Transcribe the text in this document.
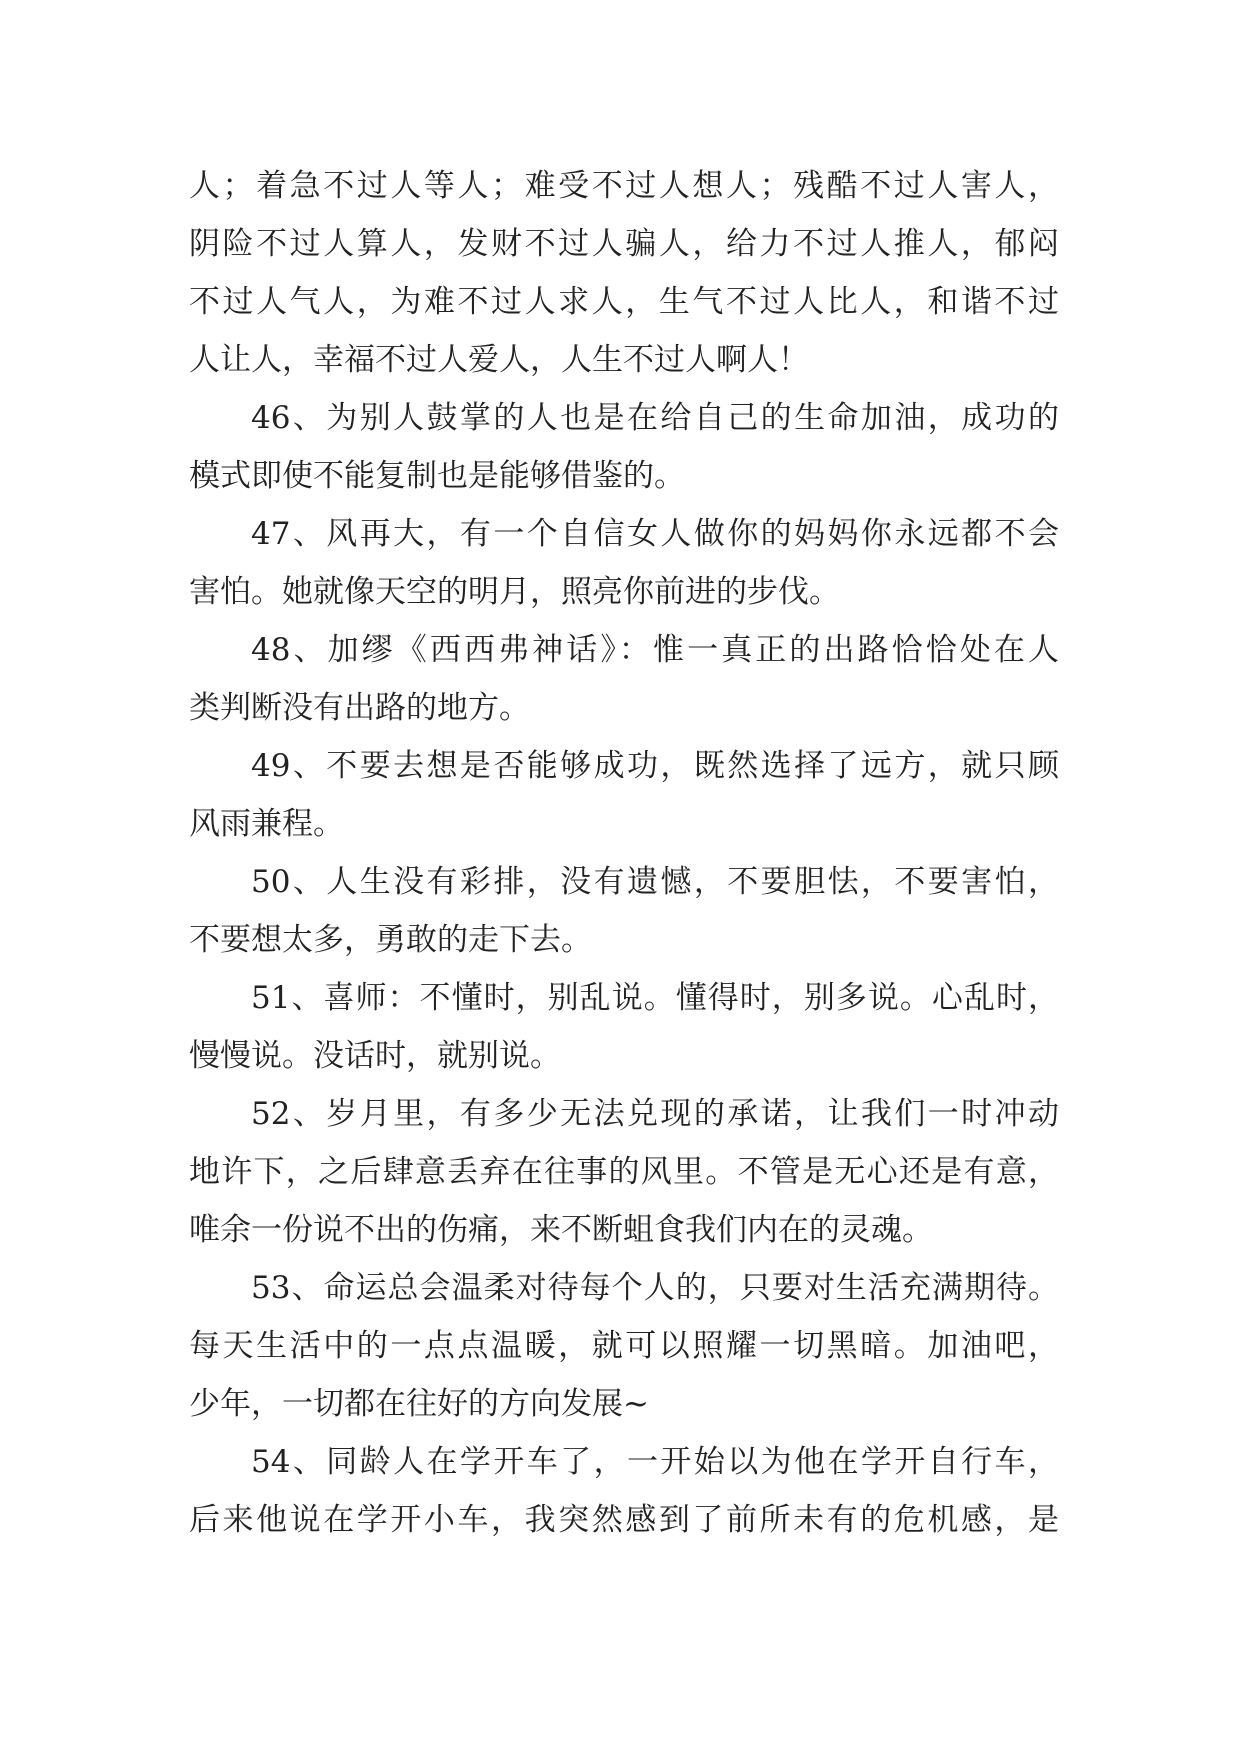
人；着急不过人等人；难受不过人想人；残酷不过人害人，
阴险不过人算人，发财不过人骗人，给力不过人推人，郁闷
不过人气人，为难不过人求人，生气不过人比人，和谐不过
人让人，幸福不过人爱人，人生不过人啊人！
46、为别人鼓掌的人也是在给自己的生命加油，成功的
模式即使不能复制也是能够借鉴的。
47、风再大，有一个自信女人做你的妈妈你永远都不会
害怕。她就像天空的明月，照亮你前进的步伐。
48、加缪《西西弗神话》：惟一真正的出路恰恰处在人
类判断没有出路的地方。
49、不要去想是否能够成功，既然选择了远方，就只顾
风雨兼程。
50、人生没有彩排，没有遗憾，不要胆怯，不要害怕，
不要想太多，勇敢的走下去。
51、喜师：不懂时，别乱说。懂得时，别多说。心乱时，
慢慢说。没话时，就别说。
52、岁月里，有多少无法兑现的承诺，让我们一时冲动
地许下，之后肆意丢弃在往事的风里。不管是无心还是有意，
唯余一份说不出的伤痛，来不断蛆食我们内在的灵魂。
53、命运总会温柔对待每个人的，只要对生活充满期待。
每天生活中的一点点温暖，就可以照耀一切黑暗。加油吧，
少年，一切都在往好的方向发展~
54、同龄人在学开车了，一开始以为他在学开自行车，
后来他说在学开小车，我突然感到了前所未有的危机感，是
